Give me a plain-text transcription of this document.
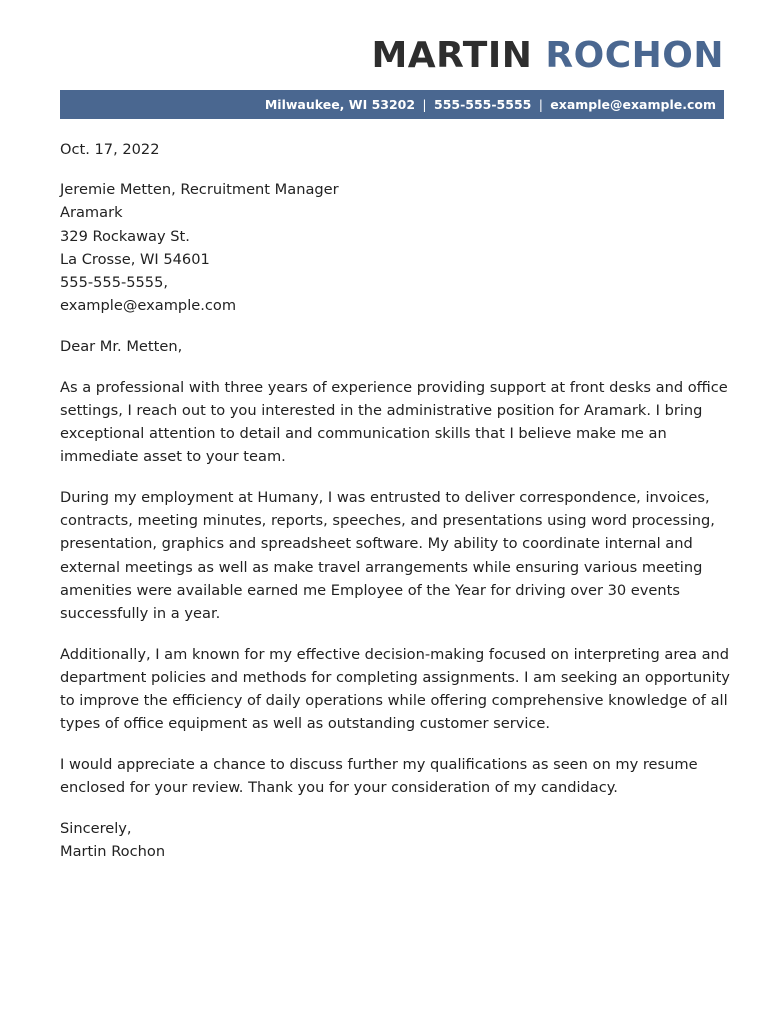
MARTIN ROCHON
Milwaukee, WI 53202 | 555-555-5555 | example@example.com

Oct. 17, 2022

Jeremie Metten, Recruitment Manager
Aramark
329 Rockaway St.
La Crosse, WI 54601
555-555-5555,
example@example.com

Dear Mr. Metten,

As a professional with three years of experience providing support at front desks and office settings, I reach out to you interested in the administrative position for Aramark. I bring exceptional attention to detail and communication skills that I believe make me an immediate asset to your team.

During my employment at Humany, I was entrusted to deliver correspondence, invoices, contracts, meeting minutes, reports, speeches, and presentations using word processing, presentation, graphics and spreadsheet software. My ability to coordinate internal and external meetings as well as make travel arrangements while ensuring various meeting amenities were available earned me Employee of the Year for driving over 30 events successfully in a year.

Additionally, I am known for my effective decision-making focused on interpreting area and department policies and methods for completing assignments. I am seeking an opportunity to improve the efficiency of daily operations while offering comprehensive knowledge of all types of office equipment as well as outstanding customer service.

I would appreciate a chance to discuss further my qualifications as seen on my resume enclosed for your review. Thank you for your consideration of my candidacy.

Sincerely,
Martin Rochon
